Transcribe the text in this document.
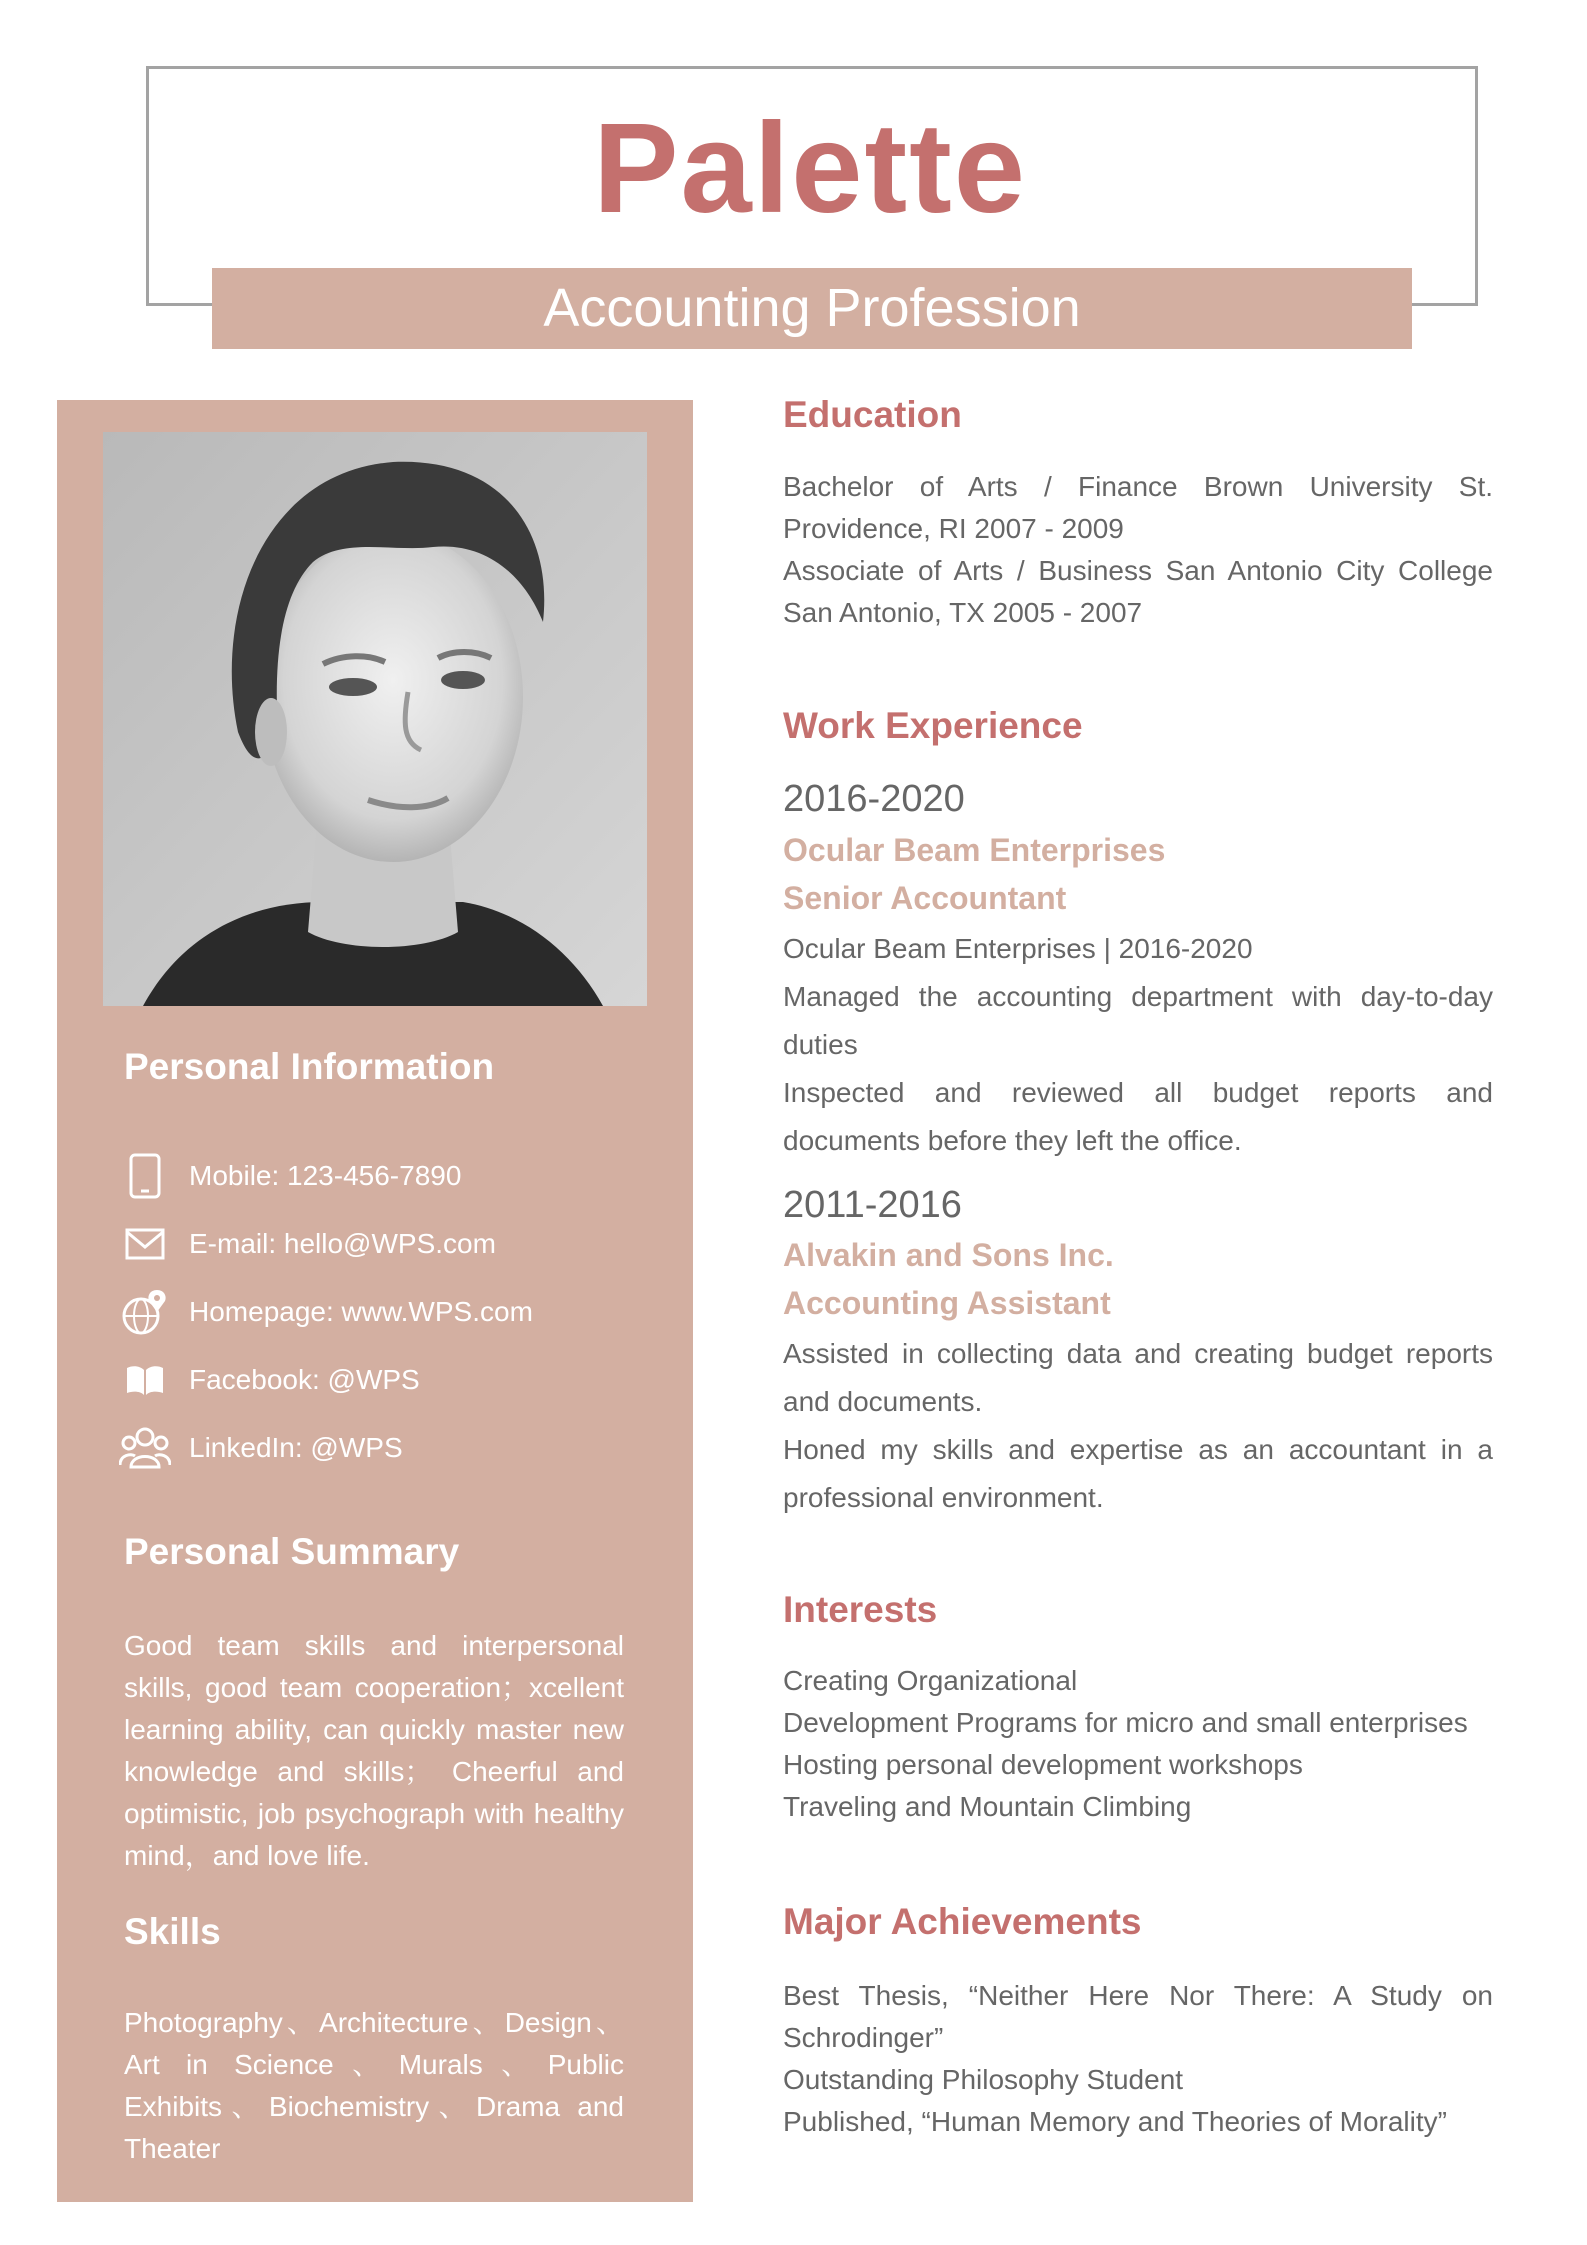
Palette
Accounting Profession
Personal Information
Mobile: 123-456-7890
E-mail: hello@WPS.com
Homepage: www.WPS.com
Facebook: @WPS
LinkedIn: @WPS
Personal Summary

Good team skills and interpersonal skills, good team cooperation；xcellent learning ability, can quickly master new knowledge and skills； Cheerful and optimistic, job psychograph with healthy mind，and love life.

Skills

Photography、Architecture、Design、Art in Science、Murals、Public Exhibits、Biochemistry、Drama and Theater

Education
Bachelor of Arts / Finance Brown University St. Providence, RI 2007 - 2009
Associate of Arts / Business San Antonio City College San Antonio, TX 2005 - 2007
Work Experience

2016-2020

Ocular Beam Enterprises

Senior Accountant

Ocular Beam Enterprises | 2016-2020
Managed the accounting department with day-to-day duties
Inspected and reviewed all budget reports and documents before they left the office.

2011-2016

Alvakin and Sons Inc.

Accounting Assistant

Assisted in collecting data and creating budget reports and documents.
Honed my skills and expertise as an accountant in a professional environment.
Interests
Creating Organizational
Development Programs for micro and small enterprises
Hosting personal development workshops
Traveling and Mountain Climbing
Major Achievements
Best Thesis, “Neither Here Nor There: A Study on Schrodinger”
Outstanding Philosophy Student
Published, “Human Memory and Theories of Morality”
